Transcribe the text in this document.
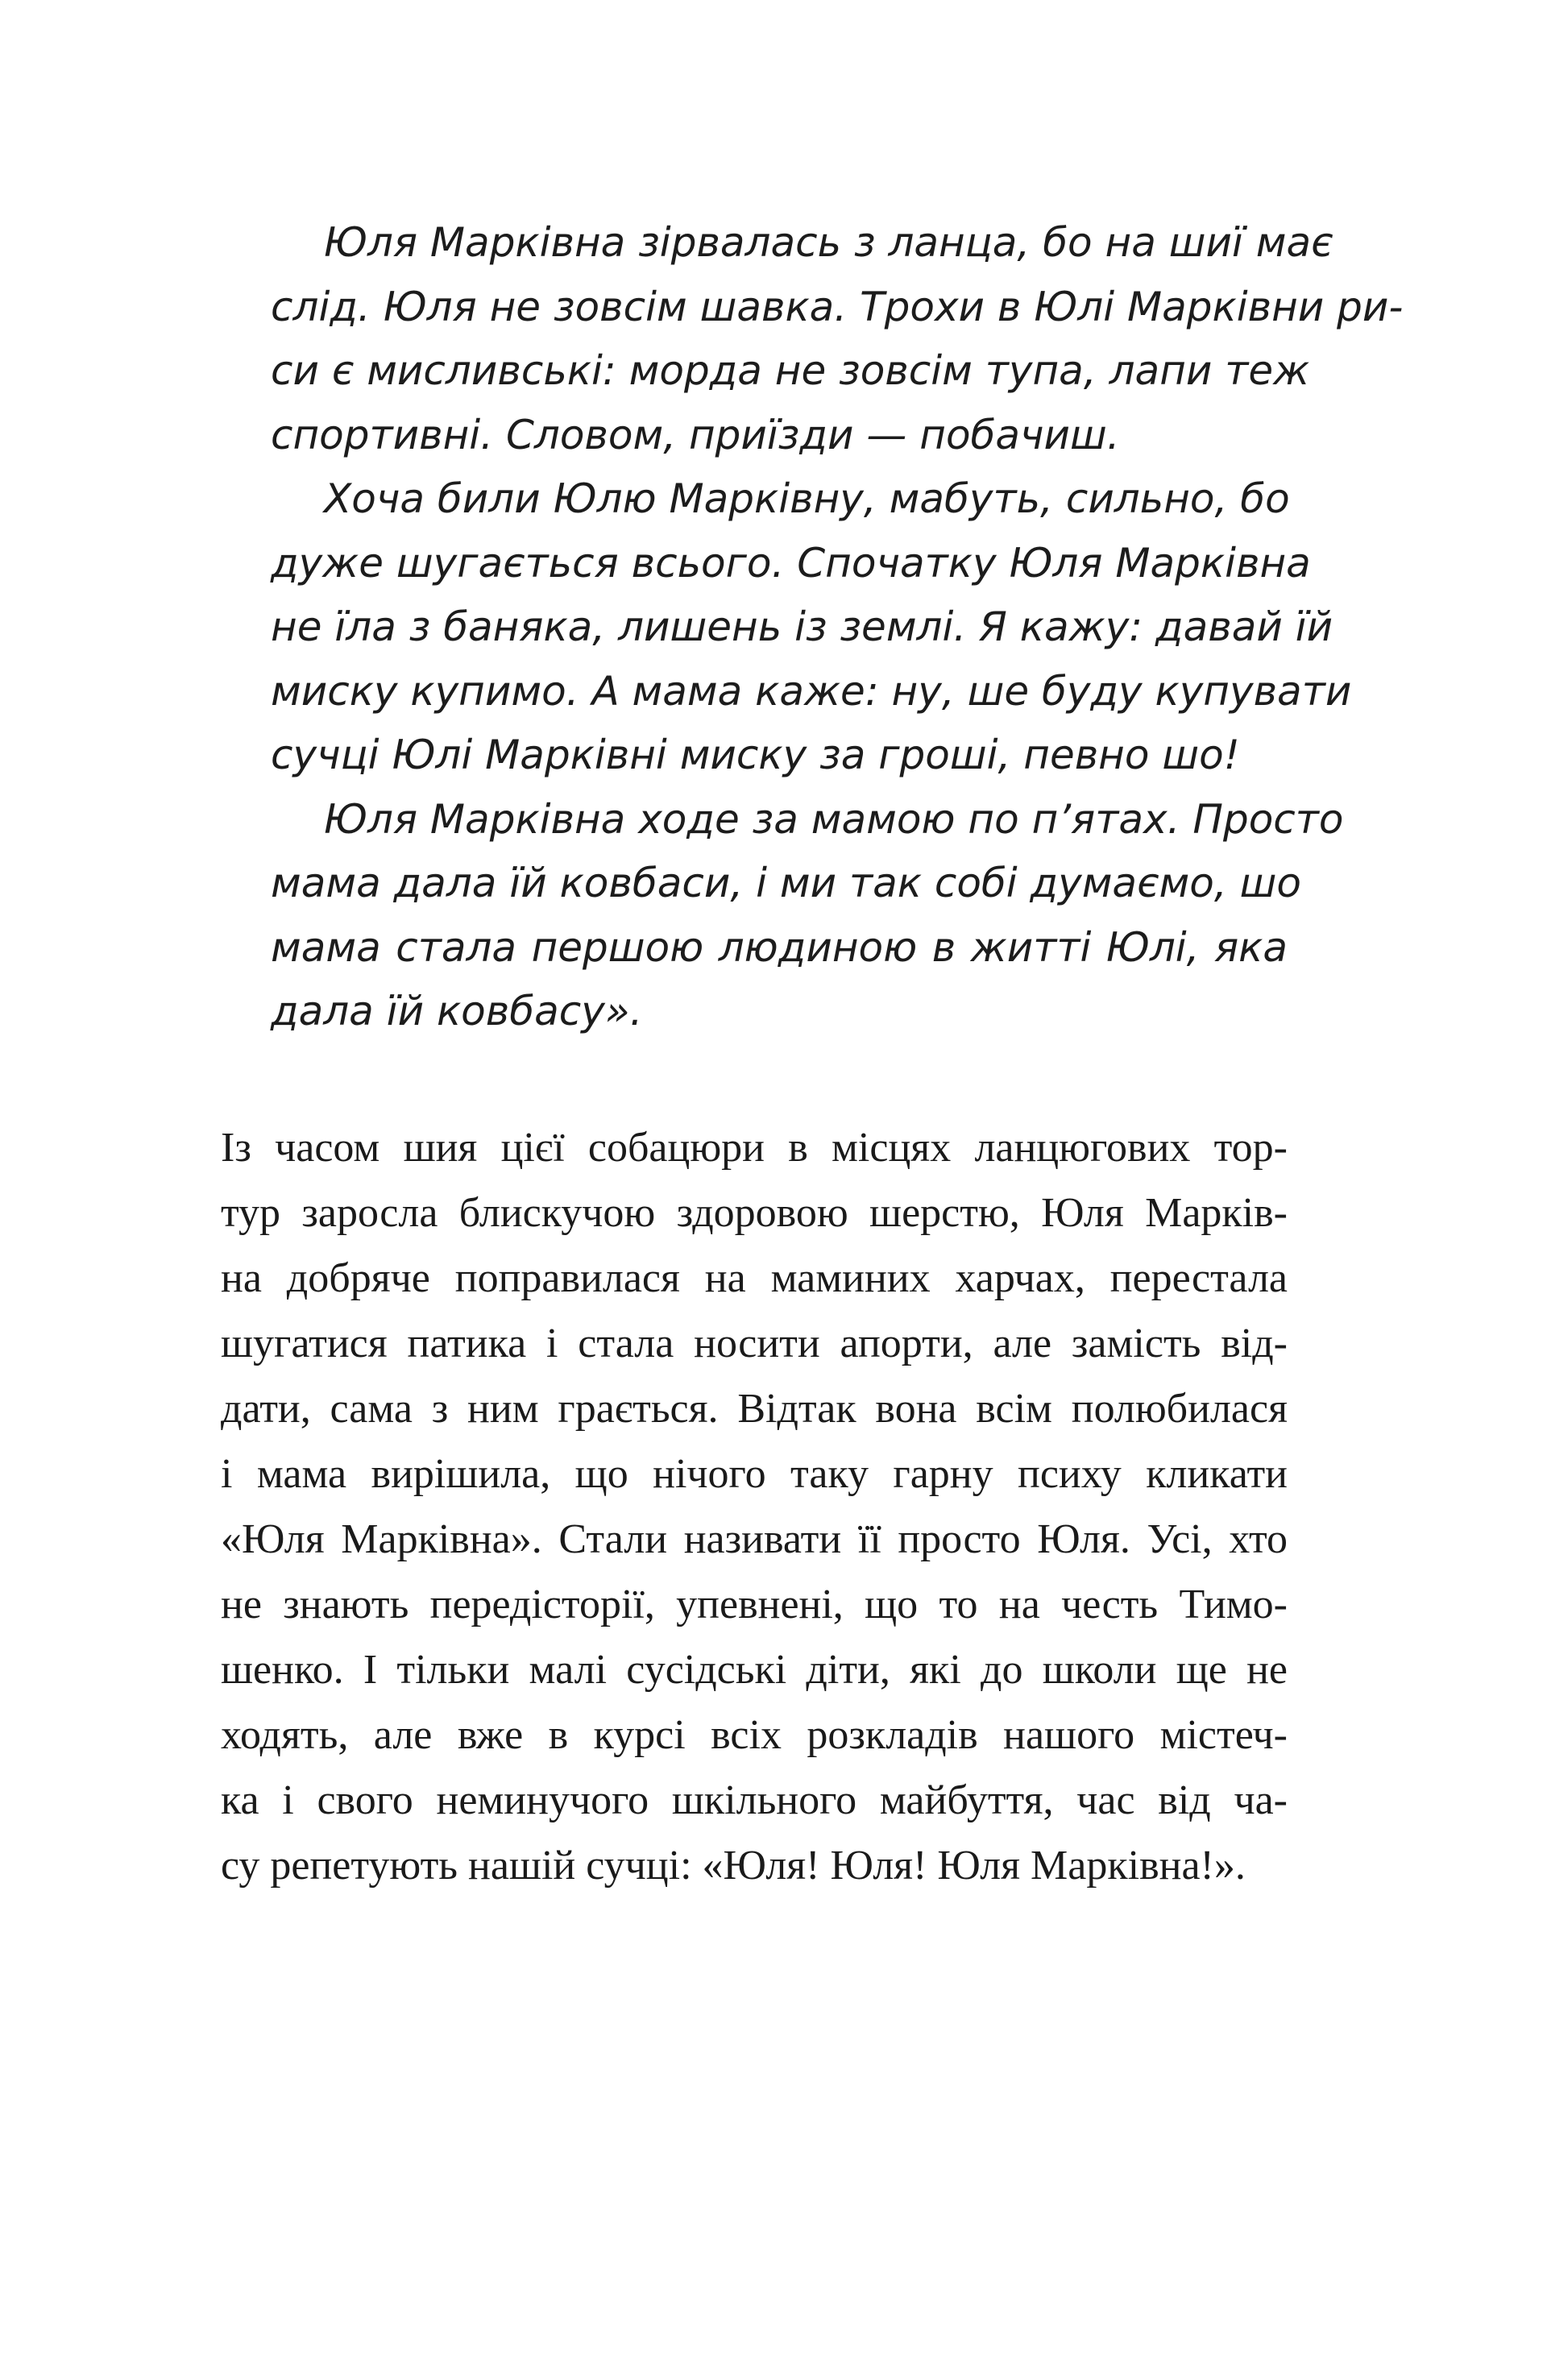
Юля Марківна зірвалась з ланца, бо на шиї має
слід. Юля не зовсім шавка. Трохи в Юлі Марківни ри-
си є мисливські: морда не зовсім тупа, лапи теж
спортивні. Словом, приїзди — побачиш.
Хоча били Юлю Марківну, мабуть, сильно, бо
дуже шугається всього. Спочатку Юля Марківна
не їла з баняка, лишень із землі. Я кажу: давай їй
миску купимо. А мама каже: ну, ше буду купувати
сучці Юлі Марківні миску за гроші, певно шо!
Юля Марківна ходе за мамою по п’ятах. Просто
мама дала їй ковбаси, і ми так собі думаємо, шо
мама стала першою людиною в житті Юлі, яка
дала їй ковбасу».
Із часом шия цієї собацюри в місцях ланцюгових тор-
тур заросла блискучою здоровою шерстю, Юля Марків-
на добряче поправилася на маминих харчах, перестала
шугатися патика і стала носити апорти, але замість від-
дати, сама з ним грається. Відтак вона всім полюбилася
і мама вирішила, що нічого таку гарну психу кликати
«Юля Марківна». Стали називати її просто Юля. Усі, хто
не знають передісторії, упевнені, що то на честь Тимо-
шенко. І тільки малі сусідські діти, які до школи ще не
ходять, але вже в курсі всіх розкладів нашого містеч-
ка і свого неминучого шкільного майбуття, час від ча-
су репетують нашій сучці: «Юля! Юля! Юля Марківна!».
